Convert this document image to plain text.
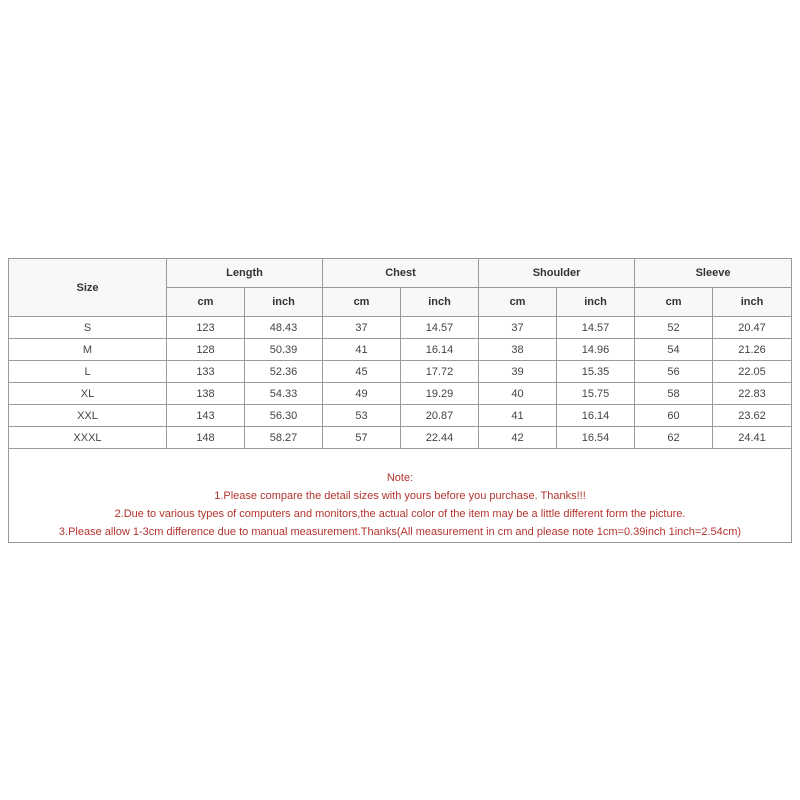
Size	Length		Chest		Shoulder		Sleeve	
	cm	inch	cm	inch	cm	inch	cm	inch
S	123	48.43	37	14.57	37	14.57	52	20.47
M	128	50.39	41	16.14	38	14.96	54	21.26
L	133	52.36	45	17.72	39	15.35	56	22.05
XL	138	54.33	49	19.29	40	15.75	58	22.83
XXL	143	56.30	53	20.87	41	16.14	60	23.62
XXXL	148	58.27	57	22.44	42	16.54	62	24.41
Note:
1.Please compare the detail sizes with yours before you purchase. Thanks!!!
2.Due to various types of computers and monitors,the actual color of the item may be a little different form the picture.
3.Please allow 1-3cm difference due to manual measurement.Thanks(All measurement in cm and please note 1cm=0.39inch 1inch=2.54cm)
